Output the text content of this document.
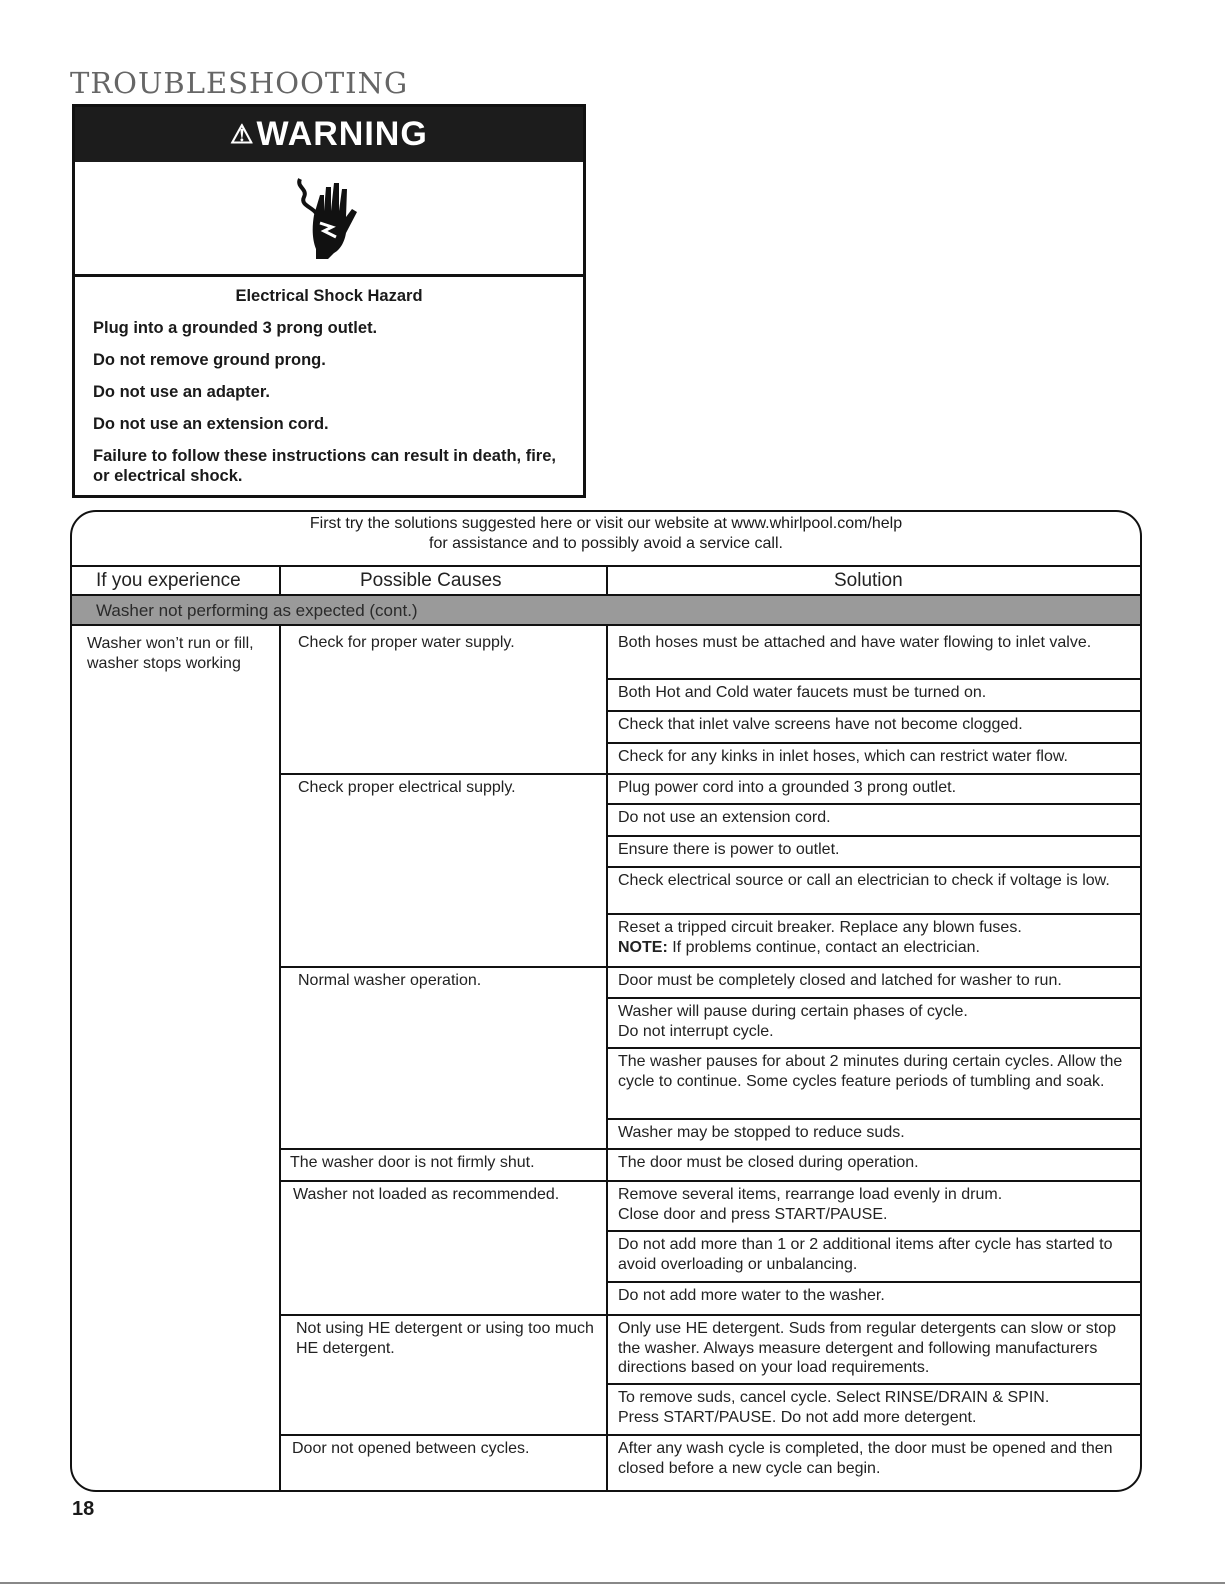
TROUBLESHOOTING
⚠WARNING
Electrical Shock Hazard
Plug into a grounded 3 prong outlet.
Do not remove ground prong.
Do not use an adapter.
Do not use an extension cord.
Failure to follow these instructions can result in death, fire, or electrical shock.
First try the solutions suggested here or visit our website at www.whirlpool.com/help
for assistance and to possibly avoid a service call.
If you experience	Possible Causes	Solution
Washer not performing as expected (cont.)
Washer won’t run or fill, washer stops working
Check for proper water supply.
Check proper electrical supply.
Normal washer operation.
The washer door is not firmly shut.
Washer not loaded as recommended.
Not using HE detergent or using too much HE detergent.
Door not opened between cycles.
Both hoses must be attached and have water flowing to inlet valve.
Both Hot and Cold water faucets must be turned on.
Check that inlet valve screens have not become clogged.
Check for any kinks in inlet hoses, which can restrict water flow.
Plug power cord into a grounded 3 prong outlet.
Do not use an extension cord.
Ensure there is power to outlet.
Check electrical source or call an electrician to check if voltage is low.
Reset a tripped circuit breaker. Replace any blown fuses.
NOTE: If problems continue, contact an electrician.
Door must be completely closed and latched for washer to run.
Washer will pause during certain phases of cycle.
Do not interrupt cycle.
The washer pauses for about 2 minutes during certain cycles. Allow the cycle to continue. Some cycles feature periods of tumbling and soak.
Washer may be stopped to reduce suds.
The door must be closed during operation.
Remove several items, rearrange load evenly in drum.
Close door and press START/PAUSE.
Do not add more than 1 or 2 additional items after cycle has started to avoid overloading or unbalancing.
Do not add more water to the washer.
Only use HE detergent. Suds from regular detergents can slow or stop the washer. Always measure detergent and following manufacturers directions based on your load requirements.
To remove suds, cancel cycle. Select RINSE/DRAIN & SPIN.
Press START/PAUSE. Do not add more detergent.
After any wash cycle is completed, the door must be opened and then closed before a new cycle can begin.

18
